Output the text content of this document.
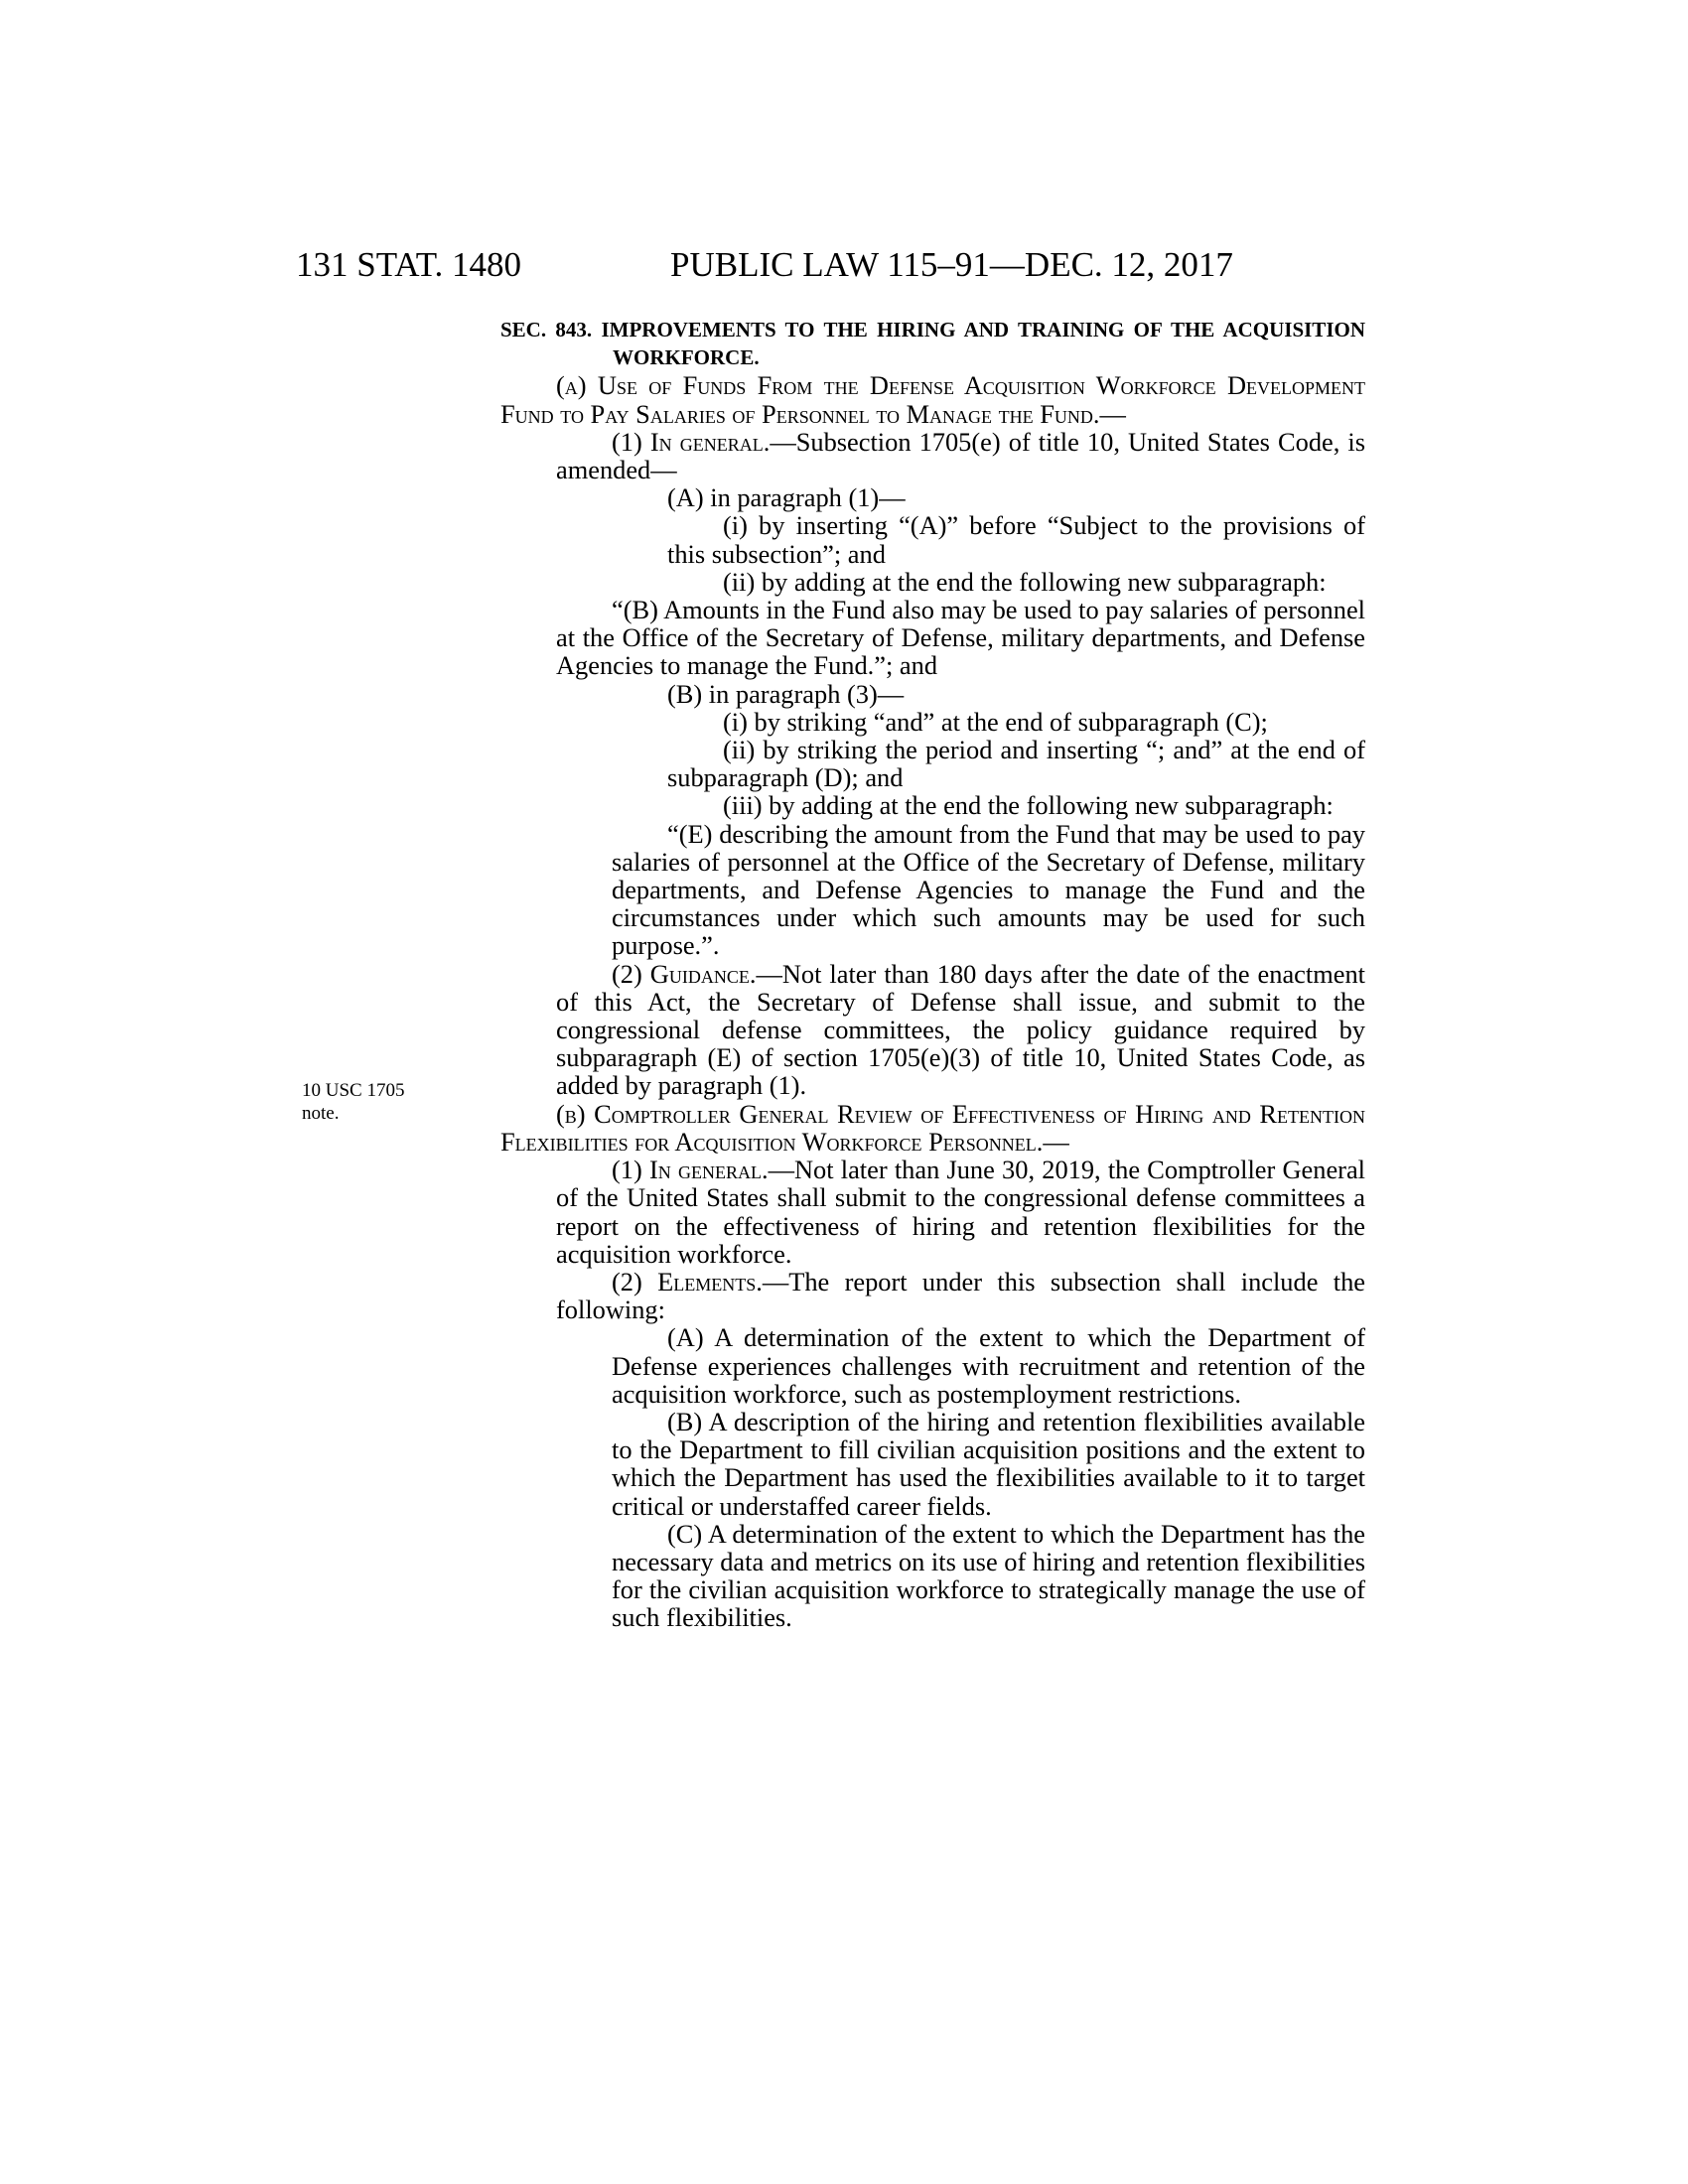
131 STAT. 1480	PUBLIC LAW 115–91—DEC. 12, 2017
10 USC 1705
note.

SEC. 843. IMPROVEMENTS TO THE HIRING AND TRAINING OF THE ACQUISITION WORKFORCE.

(a) Use of Funds From the Defense Acquisition Workforce Development Fund to Pay Salaries of Personnel to Manage the Fund.—

(1) In general.—Subsection 1705(e) of title 10, United States Code, is amended—

(A) in paragraph (1)—

(i) by inserting “(A)” before “Subject to the provisions of this subsection”; and

(ii) by adding at the end the following new subparagraph:

“(B) Amounts in the Fund also may be used to pay salaries of personnel at the Office of the Secretary of Defense, military departments, and Defense Agencies to manage the Fund.”; and

(B) in paragraph (3)—

(i) by striking “and” at the end of subparagraph (C);

(ii) by striking the period and inserting “; and” at the end of subparagraph (D); and

(iii) by adding at the end the following new subparagraph:

“(E) describing the amount from the Fund that may be used to pay salaries of personnel at the Office of the Secretary of Defense, military departments, and Defense Agencies to manage the Fund and the circumstances under which such amounts may be used for such purpose.”.

(2) Guidance.—Not later than 180 days after the date of the enactment of this Act, the Secretary of Defense shall issue, and submit to the congressional defense committees, the policy guidance required by subparagraph (E) of section 1705(e)(3) of title 10, United States Code, as added by paragraph (1).

(b) Comptroller General Review of Effectiveness of Hiring and Retention Flexibilities for Acquisition Workforce Personnel.—

(1) In general.—Not later than June 30, 2019, the Comptroller General of the United States shall submit to the congressional defense committees a report on the effectiveness of hiring and retention flexibilities for the acquisition workforce.

(2) Elements.—The report under this subsection shall include the following:

(A) A determination of the extent to which the Department of Defense experiences challenges with recruitment and retention of the acquisition workforce, such as postemployment restrictions.

(B) A description of the hiring and retention flexibilities available to the Department to fill civilian acquisition positions and the extent to which the Department has used the flexibilities available to it to target critical or understaffed career fields.

(C) A determination of the extent to which the Department has the necessary data and metrics on its use of hiring and retention flexibilities for the civilian acquisition workforce to strategically manage the use of such flexibilities.
